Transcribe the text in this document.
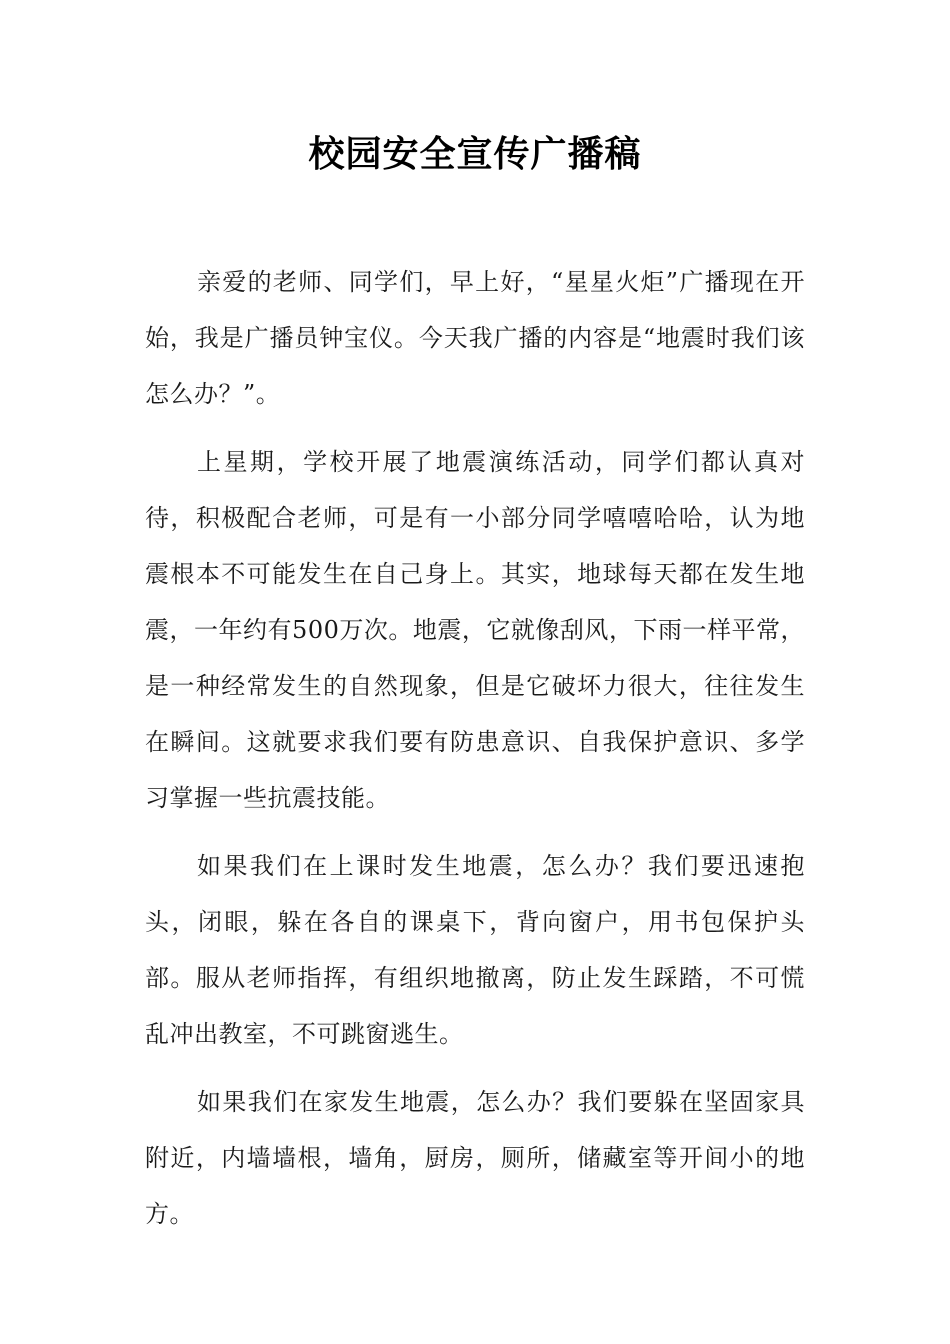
校园安全宣传广播稿

亲爱的老师、同学们，早上好，“星星火炬”广播现在开始，我是广播员钟宝仪。今天我广播的内容是“地震时我们该怎么办？”。

上星期，学校开展了地震演练活动，同学们都认真对待，积极配合老师，可是有一小部分同学嘻嘻哈哈，认为地震根本不可能发生在自己身上。其实，地球每天都在发生地震，一年约有500万次。地震，它就像刮风，下雨一样平常，是一种经常发生的自然现象，但是它破坏力很大，往往发生在瞬间。这就要求我们要有防患意识、自我保护意识、多学习掌握一些抗震技能。

如果我们在上课时发生地震，怎么办？我们要迅速抱头，闭眼，躲在各自的课桌下，背向窗户，用书包保护头部。服从老师指挥，有组织地撤离，防止发生踩踏，不可慌乱冲出教室，不可跳窗逃生。

如果我们在家发生地震，怎么办？我们要躲在坚固家具附近，内墙墙根，墙角，厨房，厕所，储藏室等开间小的地方。
